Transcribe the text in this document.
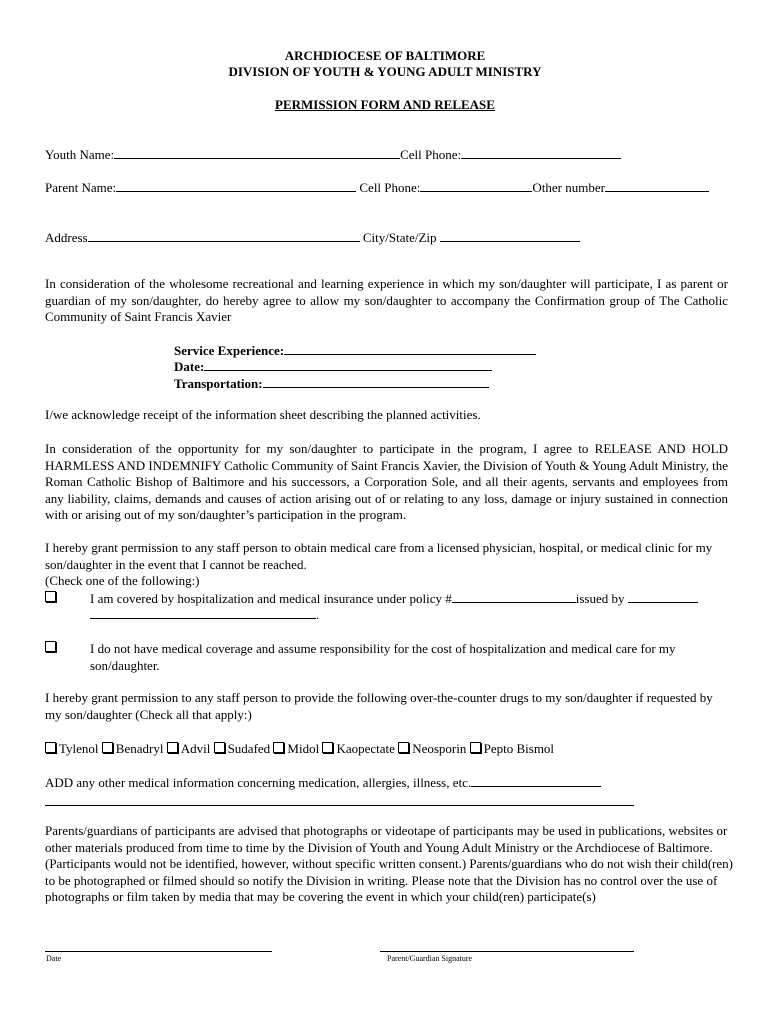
ARCHDIOCESE OF BALTIMORE
DIVISION OF YOUTH & YOUNG ADULT MINISTRY
PERMISSION FORM AND RELEASE
Youth Name:	Cell Phone:
Parent Name:	Cell Phone:	Other number
Address	City/State/Zip
In consideration of the wholesome recreational and learning experience in which my son/daughter will participate, I as parent or guardian of my son/daughter, do hereby agree to allow my son/daughter to accompany the Confirmation group of The Catholic Community of Saint Francis Xavier
Service Experience:
Date:
Transportation:
I/we acknowledge receipt of the information sheet describing the planned activities.
In consideration of the opportunity for my son/daughter to participate in the program, I agree to RELEASE AND HOLD HARMLESS AND INDEMNIFY Catholic Community of Saint Francis Xavier, the Division of Youth & Young Adult Ministry, the Roman Catholic Bishop of Baltimore and his successors, a Corporation Sole, and all their agents, servants and employees from any liability, claims, demands and causes of action arising out of or relating to any loss, damage or injury sustained in connection with or arising out of my son/daughter’s participation in the program.
I hereby grant permission to any staff person to obtain medical care from a licensed physician, hospital, or medical clinic for my son/daughter in the event that I cannot be reached.
(Check one of the following:)
I am covered by hospitalization and medical insurance under policy #	issued by
.
I do not have medical coverage and assume responsibility for the cost of hospitalization and medical care for my son/daughter.
I hereby grant permission to any staff person to provide the following over-the-counter drugs to my son/daughter if requested by my son/daughter (Check all that apply:)
Tylenol Benadryl Advil Sudafed Midol Kaopectate Neosporin Pepto Bismol
ADD any other medical information concerning medication, allergies, illness, etc.
Parents/guardians of participants are advised that photographs or videotape of participants may be used in publications, websites or other materials produced from time to time by the Division of Youth and Young Adult Ministry or the Archdiocese of Baltimore. (Participants would not be identified, however, without specific written consent.) Parents/guardians who do not wish their child(ren) to be photographed or filmed should so notify the Division in writing. Please note that the Division has no control over the use of photographs or film taken by media that may be covering the event in which your child(ren) participate(s)
Date	Parent/Guardian Signature
